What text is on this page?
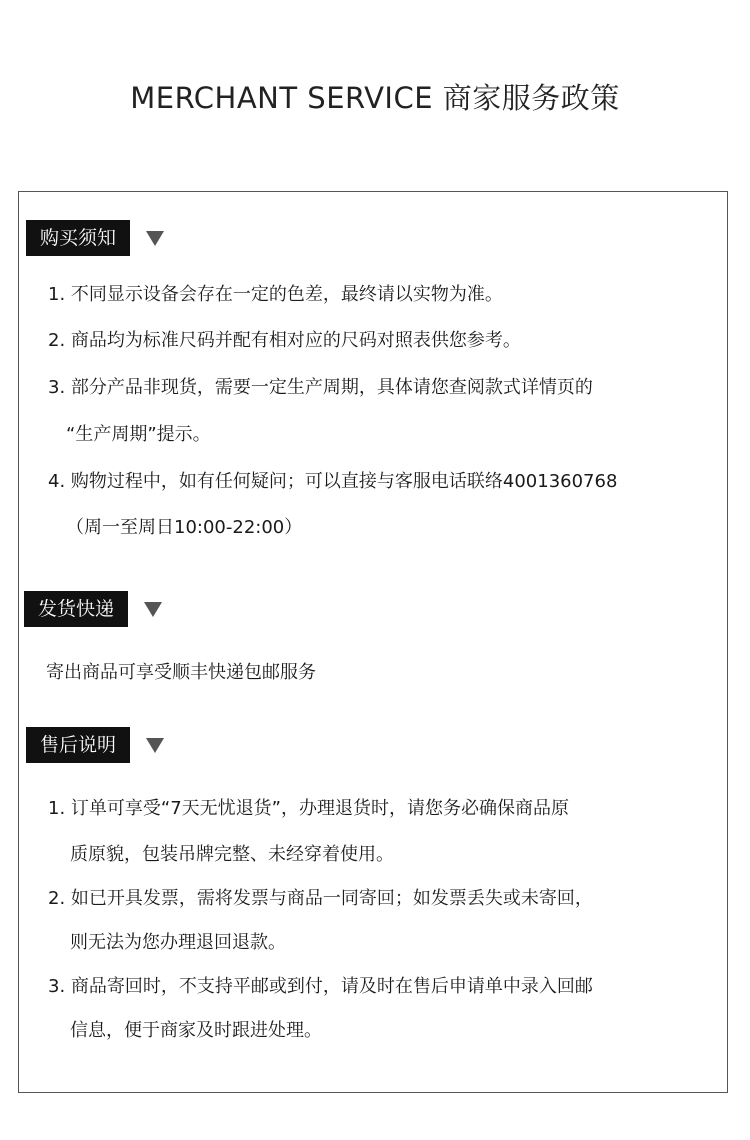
MERCHANT SERVICE 商家服务政策
购买须知
1. 不同显示设备会存在一定的色差，最终请以实物为准。
2. 商品均为标准尺码并配有相对应的尺码对照表供您参考。
3. 部分产品非现货，需要一定生产周期，具体请您查阅款式详情页的
“生产周期”提示。
4. 购物过程中，如有任何疑问；可以直接与客服电话联络4001360768
（周一至周日10:00-22:00）
发货快递
寄出商品可享受顺丰快递包邮服务
售后说明
1. 订单可享受“7天无忧退货”，办理退货时，请您务必确保商品原
质原貌，包装吊牌完整、未经穿着使用。
2. 如已开具发票，需将发票与商品一同寄回；如发票丢失或未寄回，
则无法为您办理退回退款。
3. 商品寄回时，不支持平邮或到付，请及时在售后申请单中录入回邮
信息，便于商家及时跟进处理。
